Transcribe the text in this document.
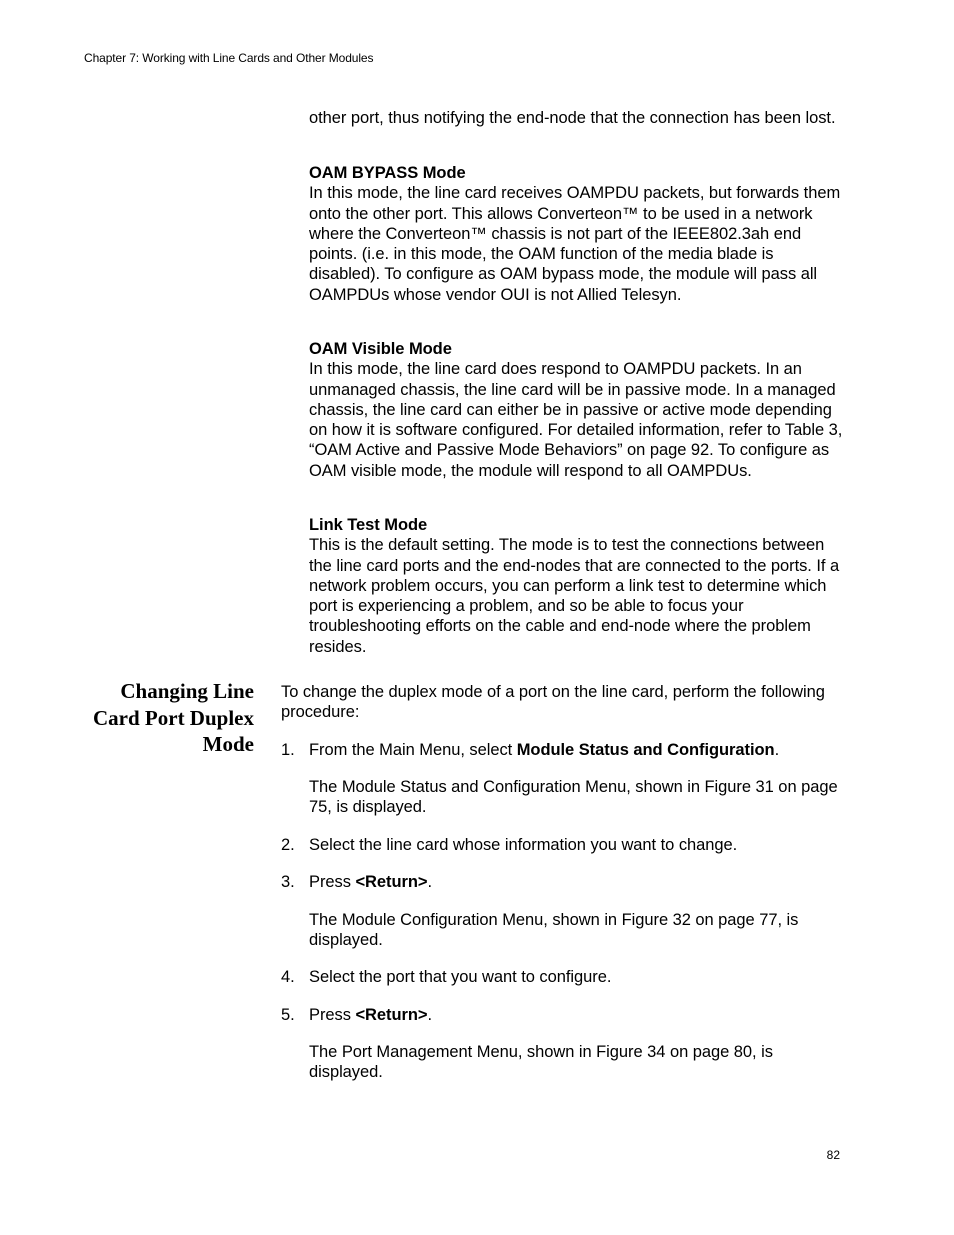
Chapter 7: Working with Line Cards and Other Modules

other port, thus notifying the end-node that the connection has been lost.

OAM BYPASS Mode
In this mode, the line card receives OAMPDU packets, but forwards them onto the other port. This allows Converteon™ to be used in a network where the Converteon™ chassis is not part of the IEEE802.3ah end points. (i.e. in this mode, the OAM function of the media blade is disabled). To configure as OAM bypass mode, the module will pass all OAMPDUs whose vendor OUI is not Allied Telesyn.

OAM Visible Mode
In this mode, the line card does respond to OAMPDU packets. In an unmanaged chassis, the line card will be in passive mode. In a managed chassis, the line card can either be in passive or active mode depending on how it is software configured. For detailed information, refer to Table 3, “OAM Active and Passive Mode Behaviors” on page 92. To configure as OAM visible mode, the module will respond to all OAMPDUs.

Link Test Mode
This is the default setting. The mode is to test the connections between the line card ports and the end-nodes that are connected to the ports. If a network problem occurs, you can perform a link test to determine which port is experiencing a problem, and so be able to focus your troubleshooting efforts on the cable and end-node where the problem resides.

Changing Line
Card Port Duplex
Mode

To change the duplex mode of a port on the line card, perform the following procedure:

1. From the Main Menu, select Module Status and Configuration.

The Module Status and Configuration Menu, shown in Figure 31 on page 75, is displayed.

2. Select the line card whose information you want to change.
3. Press <Return>.

The Module Configuration Menu, shown in Figure 32 on page 77, is displayed.

4. Select the port that you want to configure.
5. Press <Return>.

The Port Management Menu, shown in Figure 34 on page 80, is displayed.

82
